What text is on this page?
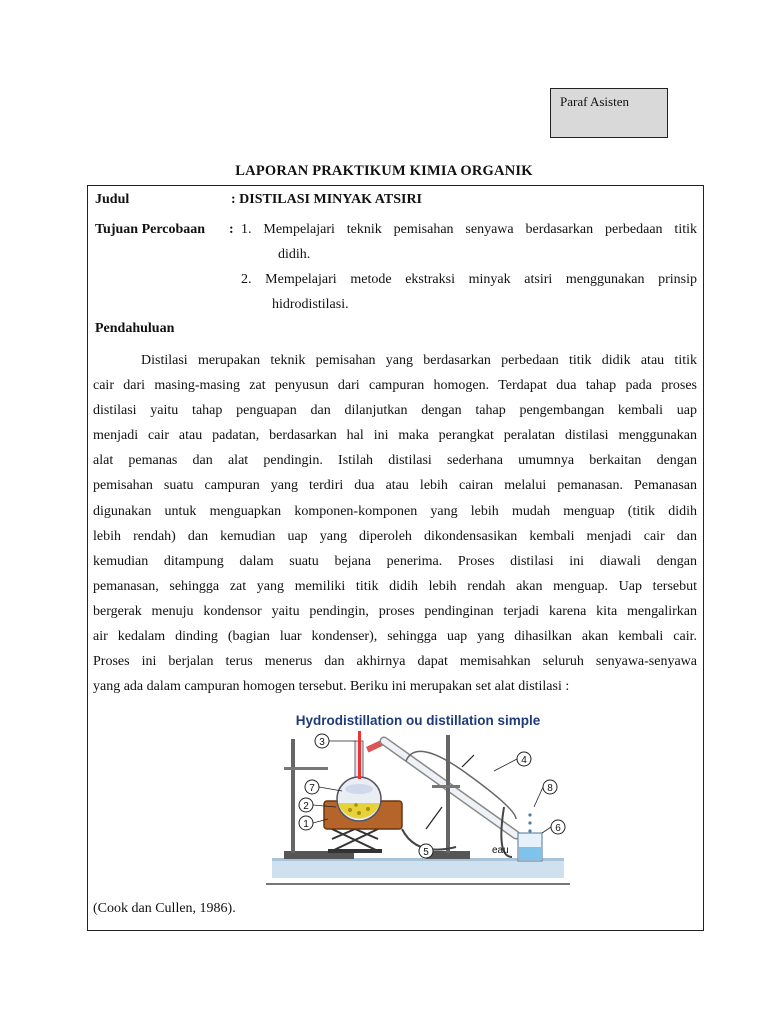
Paraf Asisten
LAPORAN PRAKTIKUM KIMIA ORGANIK
Judul	: DISTILASI MINYAK ATSIRI
Tujuan Percobaan : 1. Mempelajari teknik pemisahan senyawa berdasarkan perbedaan titik
didih.
2. Mempelajari metode ekstraksi minyak atsiri menggunakan prinsip
hidrodistilasi.
Pendahuluan
Distilasi merupakan teknik pemisahan yang berdasarkan perbedaan titik didik atau titik
cair dari masing-masing zat penyusun dari campuran homogen. Terdapat dua tahap pada proses
distilasi yaitu tahap penguapan dan dilanjutkan dengan tahap pengembangan kembali uap
menjadi cair atau padatan, berdasarkan hal ini maka perangkat peralatan distilasi menggunakan
alat pemanas dan alat pendingin. Istilah distilasi sederhana umumnya berkaitan dengan
pemisahan suatu campuran yang terdiri dua atau lebih cairan melalui pemanasan. Pemanasan
digunakan untuk menguapkan komponen-komponen yang lebih mudah menguap (titik didih
lebih rendah) dan kemudian uap yang diperoleh dikondensasikan kembali menjadi cair dan
kemudian ditampung dalam suatu bejana penerima. Proses distilasi ini diawali dengan
pemanasan, sehingga zat yang memiliki titik didih lebih rendah akan menguap. Uap tersebut
bergerak menuju kondensor yaitu pendingin, proses pendinginan terjadi karena kita mengalirkan
air kedalam dinding (bagian luar kondenser), sehingga uap yang dihasilkan akan kembali cair.
Proses ini berjalan terus menerus dan akhirnya dapat memisahkan seluruh senyawa-senyawa
yang ada dalam campuran homogen tersebut. Beriku ini merupakan set alat distilasi :
Hydrodistillation ou distillation simple
1
2
3
4
5
6
7	8
eau
(Cook dan Cullen, 1986).
